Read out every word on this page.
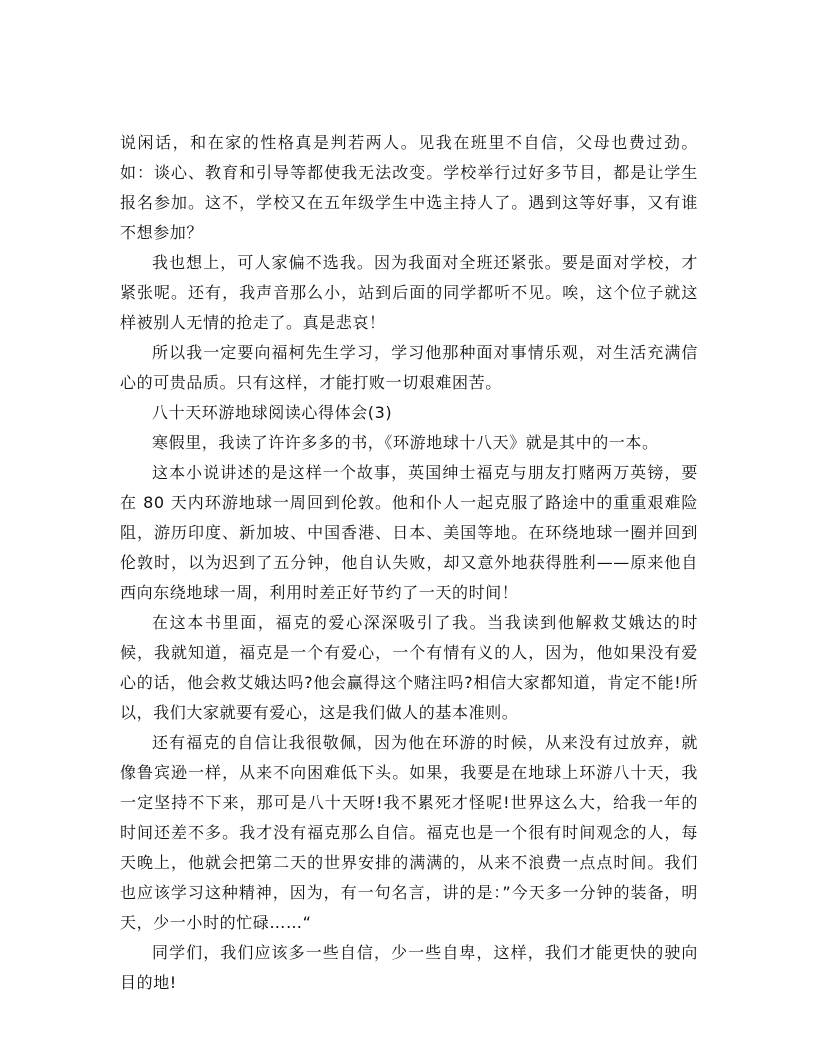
说闲话，和在家的性格真是判若两人。见我在班里不自信，父母也费过劲。如：谈心、教育和引导等都使我无法改变。学校举行过好多节目，都是让学生报名参加。这不，学校又在五年级学生中选主持人了。遇到这等好事，又有谁不想参加？

我也想上，可人家偏不选我。因为我面对全班还紧张。要是面对学校，才紧张呢。还有，我声音那么小，站到后面的同学都听不见。唉，这个位子就这样被别人无情的抢走了。真是悲哀！

所以我一定要向福柯先生学习，学习他那种面对事情乐观，对生活充满信心的可贵品质。只有这样，才能打败一切艰难困苦。

八十天环游地球阅读心得体会(3)

寒假里，我读了许许多多的书，《环游地球十八天》就是其中的一本。

这本小说讲述的是这样一个故事，英国绅士福克与朋友打赌两万英镑，要在 80 天内环游地球一周回到伦敦。他和仆人一起克服了路途中的重重艰难险阻，游历印度、新加坡、中国香港、日本、美国等地。在环绕地球一圈并回到伦敦时，以为迟到了五分钟，他自认失败，却又意外地获得胜利——原来他自西向东绕地球一周，利用时差正好节约了一天的时间！

在这本书里面，福克的爱心深深吸引了我。当我读到他解救艾娥达的时候，我就知道，福克是一个有爱心，一个有情有义的人，因为，他如果没有爱心的话，他会救艾娥达吗?他会赢得这个赌注吗?相信大家都知道，肯定不能!所以，我们大家就要有爱心，这是我们做人的基本准则。

还有福克的自信让我很敬佩，因为他在环游的时候，从来没有过放弃，就像鲁宾逊一样，从来不向困难低下头。如果，我要是在地球上环游八十天，我一定坚持不下来，那可是八十天呀!我不累死才怪呢!世界这么大，给我一年的时间还差不多。我才没有福克那么自信。福克也是一个很有时间观念的人，每天晚上，他就会把第二天的世界安排的满满的，从来不浪费一点点时间。我们也应该学习这种精神，因为，有一句名言，讲的是：”今天多一分钟的装备，明天，少一小时的忙碌……“

同学们，我们应该多一些自信，少一些自卑，这样，我们才能更快的驶向目的地!
